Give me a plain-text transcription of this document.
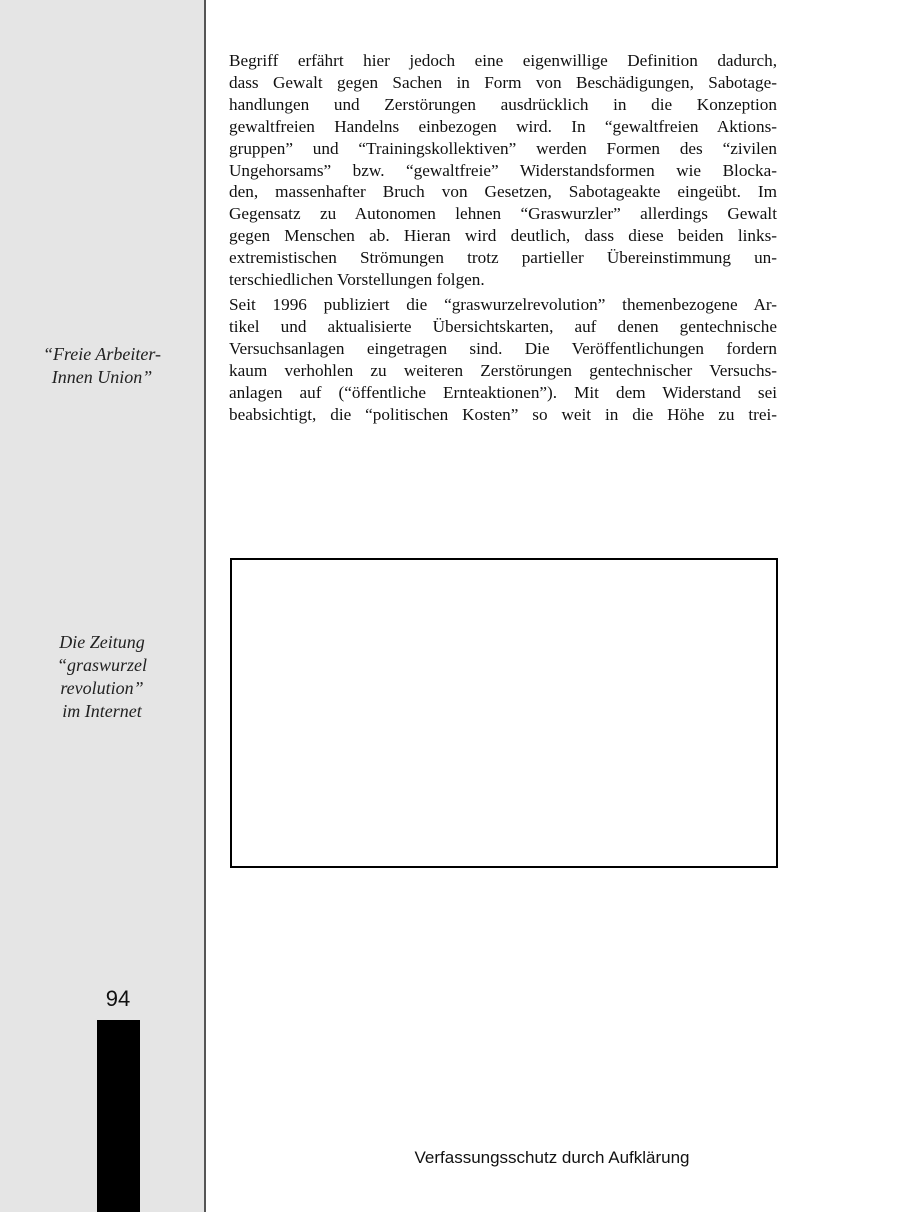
“Freie Arbeiter-
Innen Union”

Die Zeitung
“graswurzel
revolution”
im Internet

94

Begriff erfährt hier jedoch eine eigenwillige Definition dadurch,
dass Gewalt gegen Sachen in Form von Beschädigungen, Sabotage-
handlungen und Zerstörungen ausdrücklich in die Konzeption
gewaltfreien Handelns einbezogen wird. In “gewaltfreien Aktions-
gruppen” und “Trainingskollektiven” werden Formen des “zivilen
Ungehorsams” bzw. “gewaltfreie” Widerstandsformen wie Blocka-
den, massenhafter Bruch von Gesetzen, Sabotageakte eingeübt. Im
Gegensatz zu Autonomen lehnen “Graswurzler” allerdings Gewalt
gegen Menschen ab. Hieran wird deutlich, dass diese beiden links-
extremistischen Strömungen trotz partieller Übereinstimmung un-
terschiedlichen Vorstellungen folgen.

Seit 1996 publiziert die “graswurzelrevolution” themenbezogene Ar-
tikel und aktualisierte Übersichtskarten, auf denen gentechnische
Versuchsanlagen eingetragen sind. Die Veröffentlichungen fordern
kaum verhohlen zu weiteren Zerstörungen gentechnischer Versuchs-
anlagen auf (“öffentliche Ernteaktionen”). Mit dem Widerstand sei
beabsichtigt, die “politischen Kosten” so weit in die Höhe zu trei-

Verfassungsschutz durch Aufklärung
